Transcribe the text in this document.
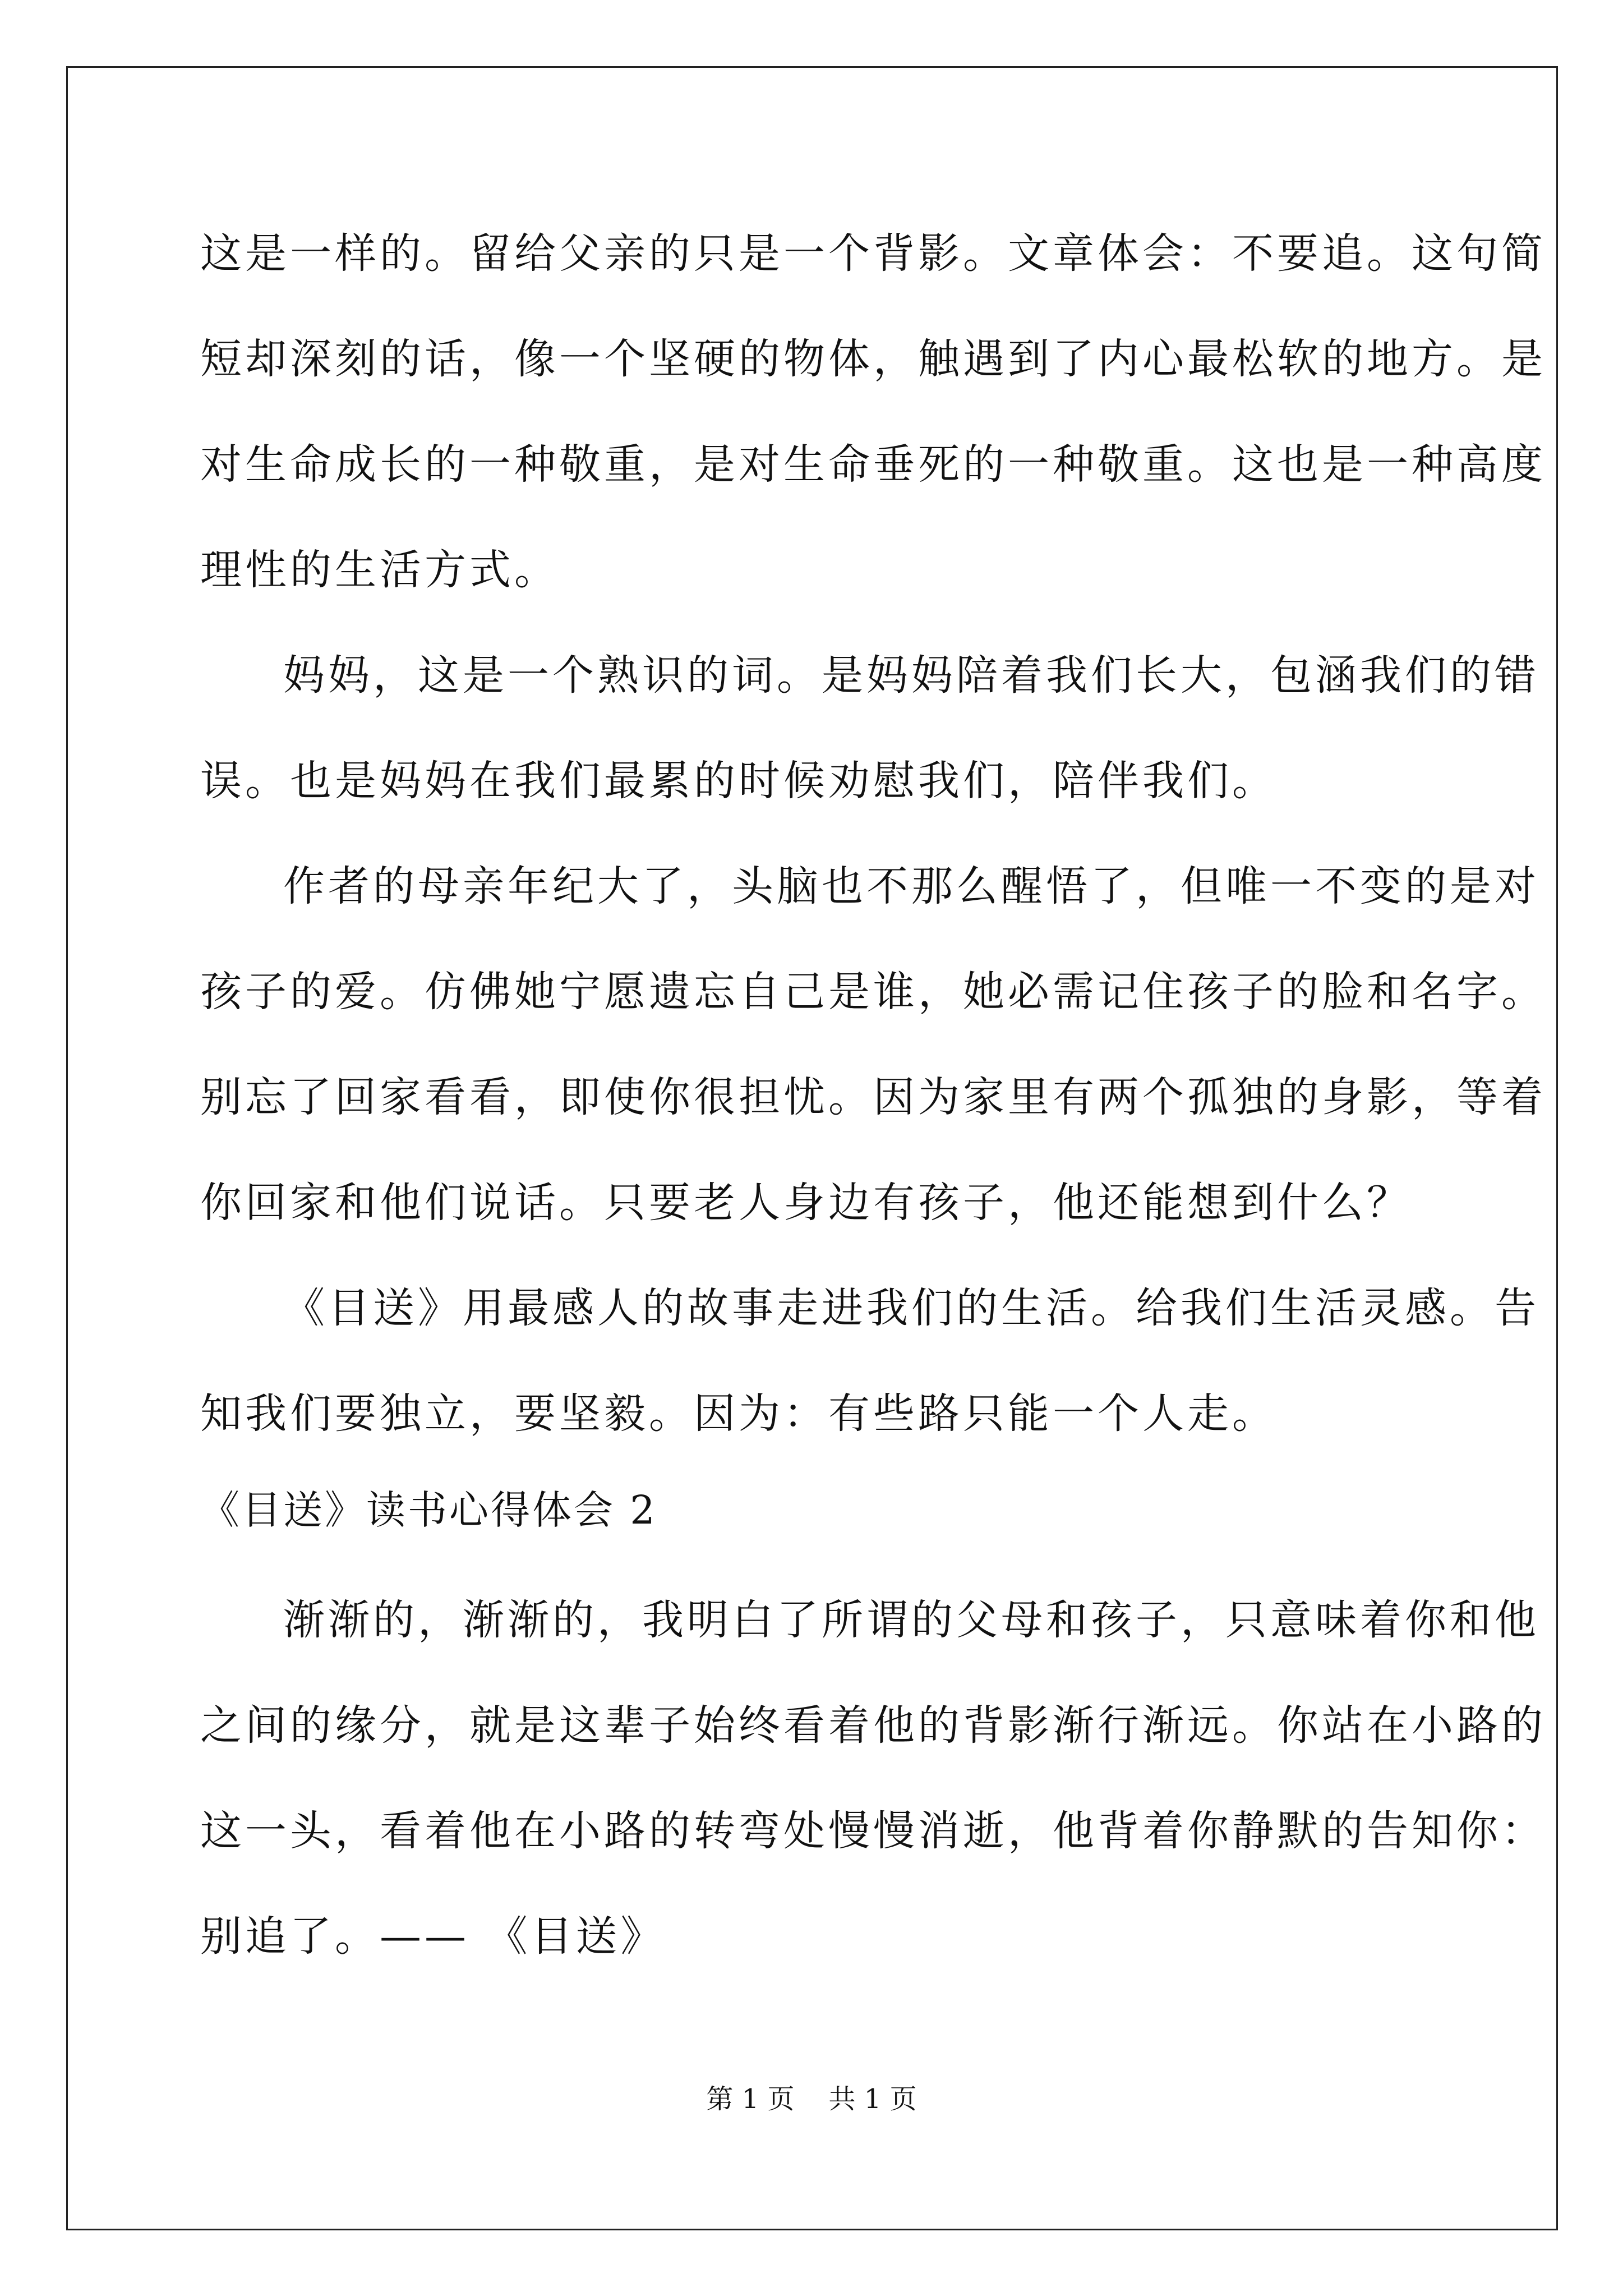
这是一样的。留给父亲的只是一个背影。文章体会：不要追。这句简
短却深刻的话，像一个坚硬的物体，触遇到了内心最松软的地方。是
对生命成长的一种敬重，是对生命垂死的一种敬重。这也是一种高度
理性的生活方式。
妈妈，这是一个熟识的词。是妈妈陪着我们长大，包涵我们的错
误。也是妈妈在我们最累的时候劝慰我们，陪伴我们。
作者的母亲年纪大了，头脑也不那么醒悟了，但唯一不变的是对
孩子的爱。仿佛她宁愿遗忘自己是谁，她必需记住孩子的脸和名字。
别忘了回家看看，即使你很担忧。因为家里有两个孤独的身影，等着
你回家和他们说话。只要老人身边有孩子，他还能想到什么？
《目送》用最感人的故事走进我们的生活。给我们生活灵感。告
知我们要独立，要坚毅。因为：有些路只能一个人走。
《目送》读书心得体会 2
渐渐的，渐渐的，我明白了所谓的父母和孩子，只意味着你和他
之间的缘分，就是这辈子始终看着他的背影渐行渐远。你站在小路的
这一头，看着他在小路的转弯处慢慢消逝，他背着你静默的告知你：
别追了。—— 《目送》
第 1 页    共 1 页
